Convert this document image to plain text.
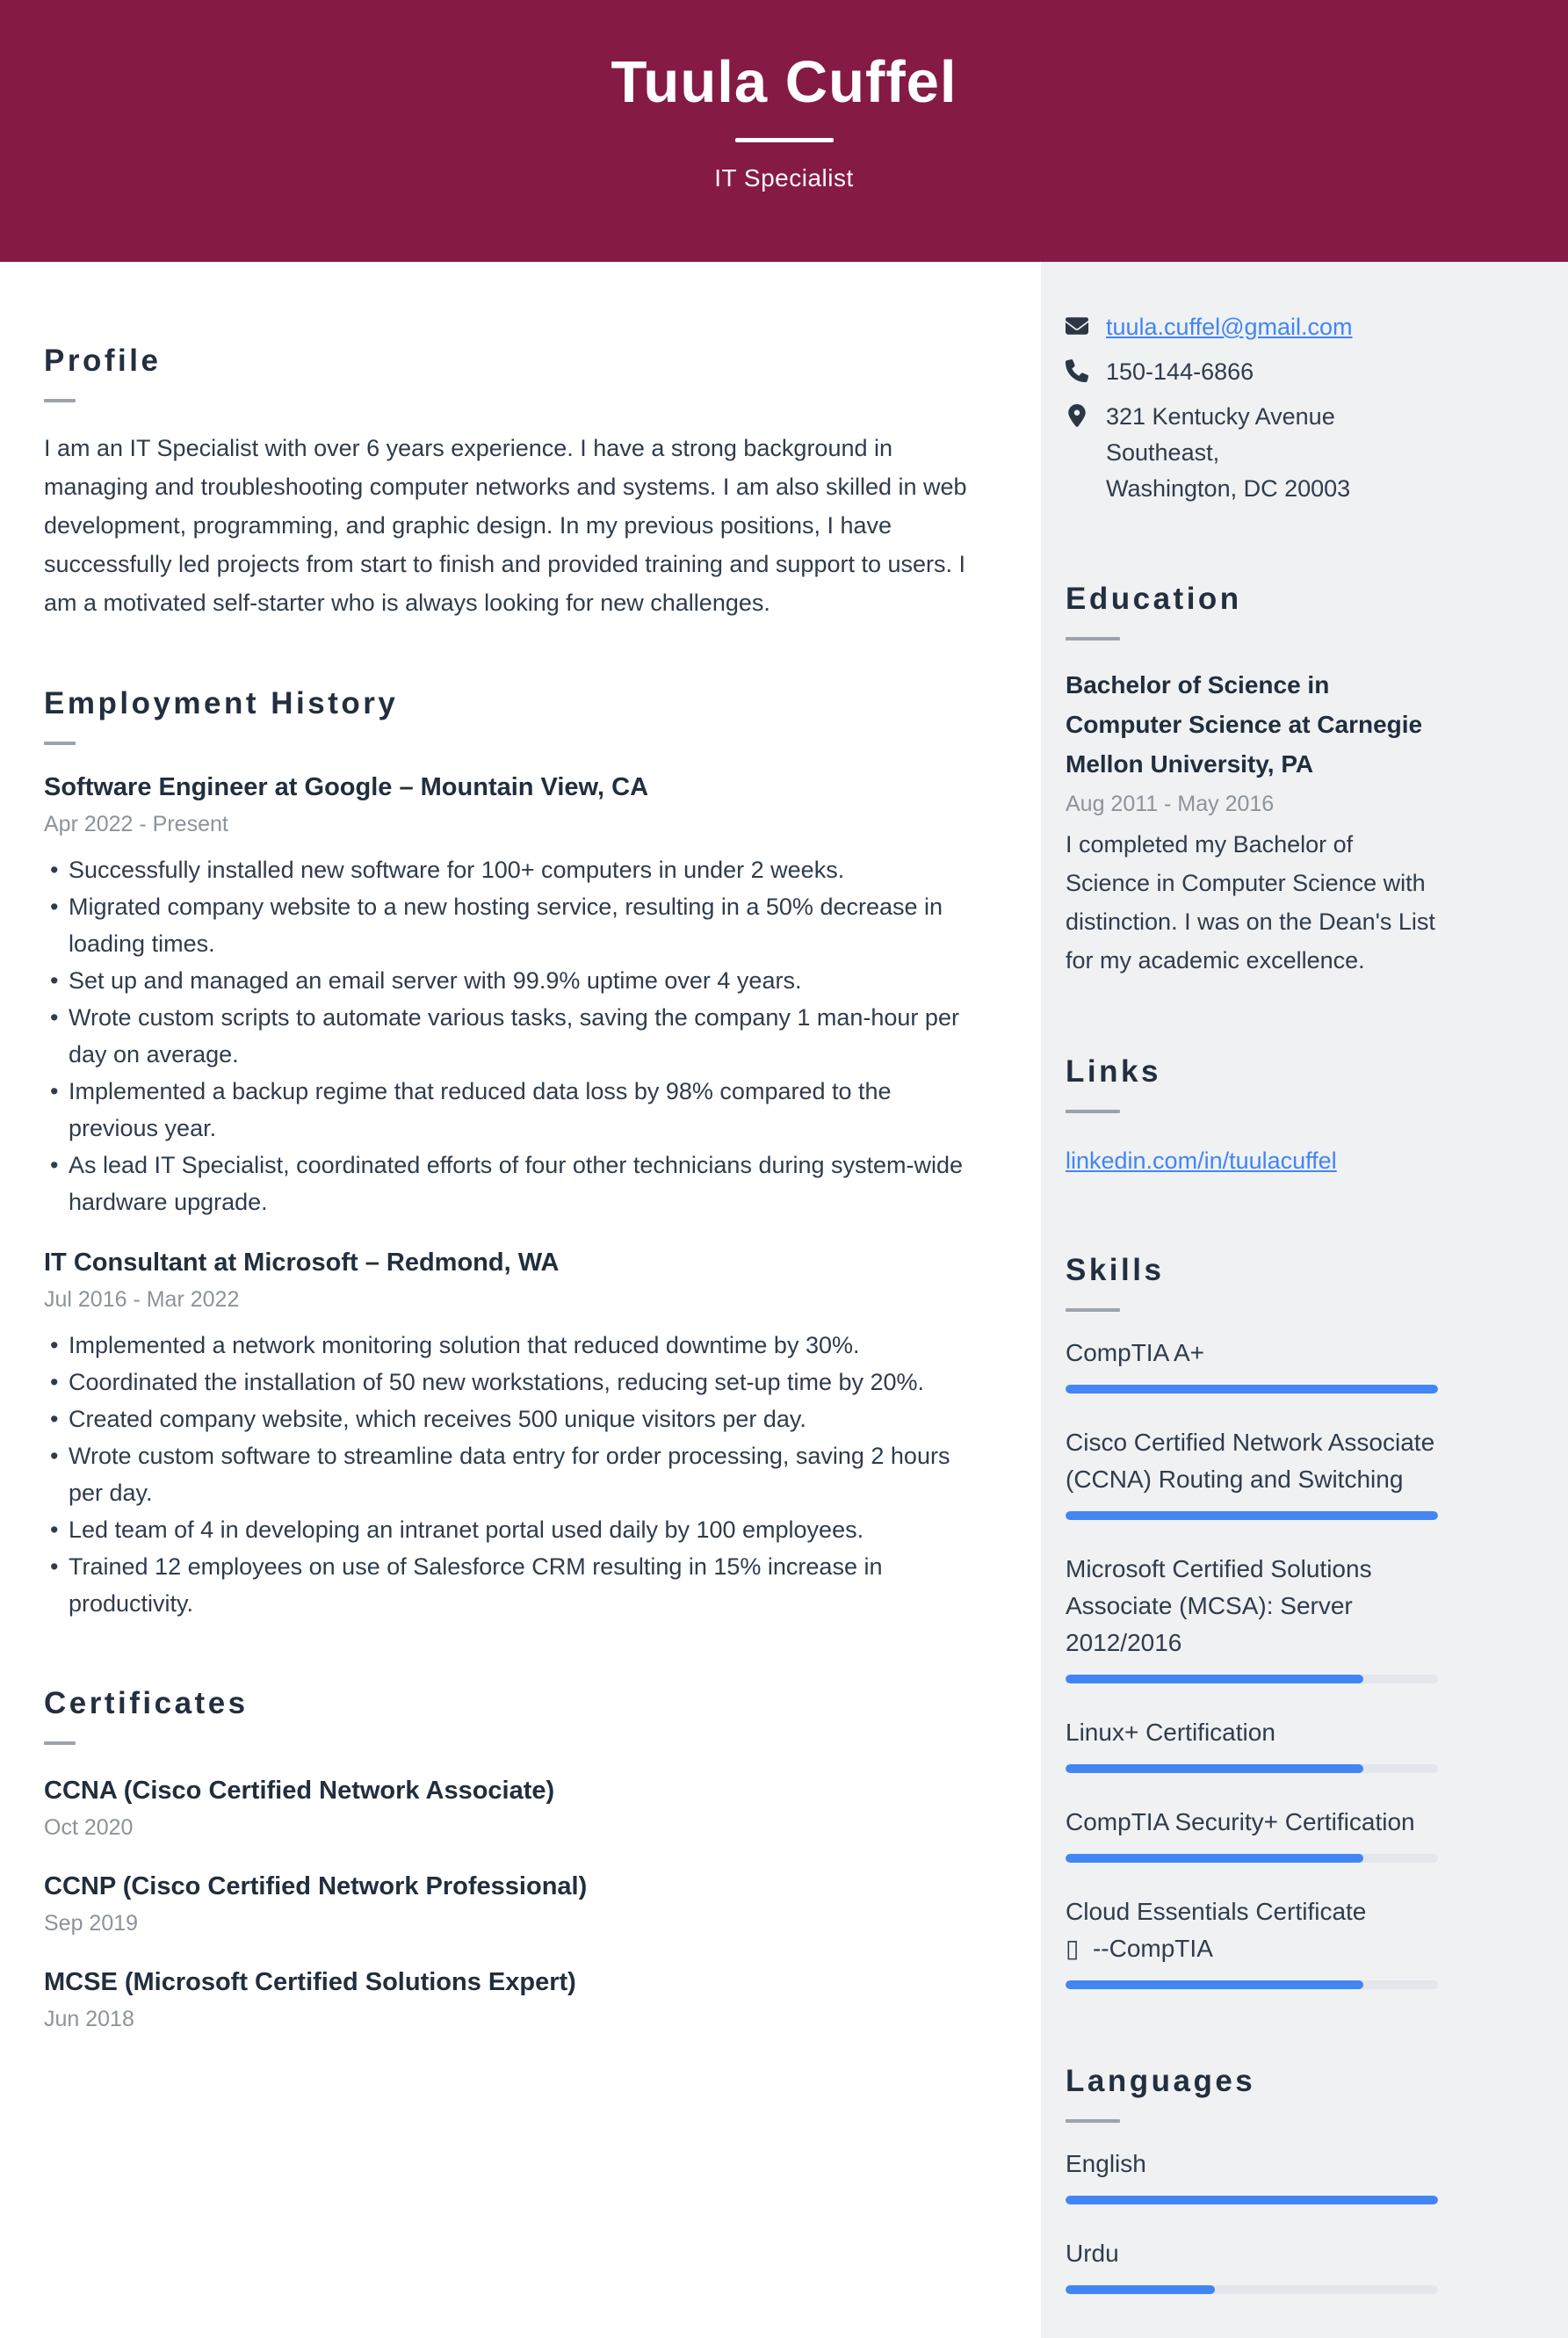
Tuula Cuffel
IT Specialist
Profile

I am an IT Specialist with over 6 years experience. I have a strong background in managing and troubleshooting computer networks and systems. I am also skilled in web development, programming, and graphic design. In my previous positions, I have successfully led projects from start to finish and provided training and support to users. I am a motivated self-starter who is always looking for new challenges.

Employment History
Software Engineer at Google – Mountain View, CA
Apr 2022 - Present
• Successfully installed new software for 100+ computers in under 2 weeks.
• Migrated company website to a new hosting service, resulting in a 50% decrease in loading times.
• Set up and managed an email server with 99.9% uptime over 4 years.
• Wrote custom scripts to automate various tasks, saving the company 1 man-hour per day on average.
• Implemented a backup regime that reduced data loss by 98% compared to the previous year.
• As lead IT Specialist, coordinated efforts of four other technicians during system-wide hardware upgrade.
IT Consultant at Microsoft – Redmond, WA
Jul 2016 - Mar 2022
• Implemented a network monitoring solution that reduced downtime by 30%.
• Coordinated the installation of 50 new workstations, reducing set-up time by 20%.
• Created company website, which receives 500 unique visitors per day.
• Wrote custom software to streamline data entry for order processing, saving 2 hours per day.
• Led team of 4 in developing an intranet portal used daily by 100 employees.
• Trained 12 employees on use of Salesforce CRM resulting in 15% increase in productivity.
Certificates
CCNA (Cisco Certified Network Associate)
Oct 2020
CCNP (Cisco Certified Network Professional)
Sep 2019
MCSE (Microsoft Certified Solutions Expert)
Jun 2018
tuula.cuffel@gmail.com
150-144-6866
321 Kentucky Avenue Southeast,
Washington, DC 20003
Education
Bachelor of Science in Computer Science at Carnegie Mellon University, PA
Aug 2011 - May 2016

I completed my Bachelor of Science in Computer Science with distinction. I was on the Dean's List for my academic excellence.

Links
linkedin.com/in/tuulacuffel
Skills
CompTIA A+
Cisco Certified Network Associate (CCNA) Routing and Switching
Microsoft Certified Solutions Associate (MCSA): Server 2012/2016
Linux+ Certification
CompTIA Security+ Certification
Cloud Essentials Certificate
▯  --CompTIA
Languages
English
Urdu
